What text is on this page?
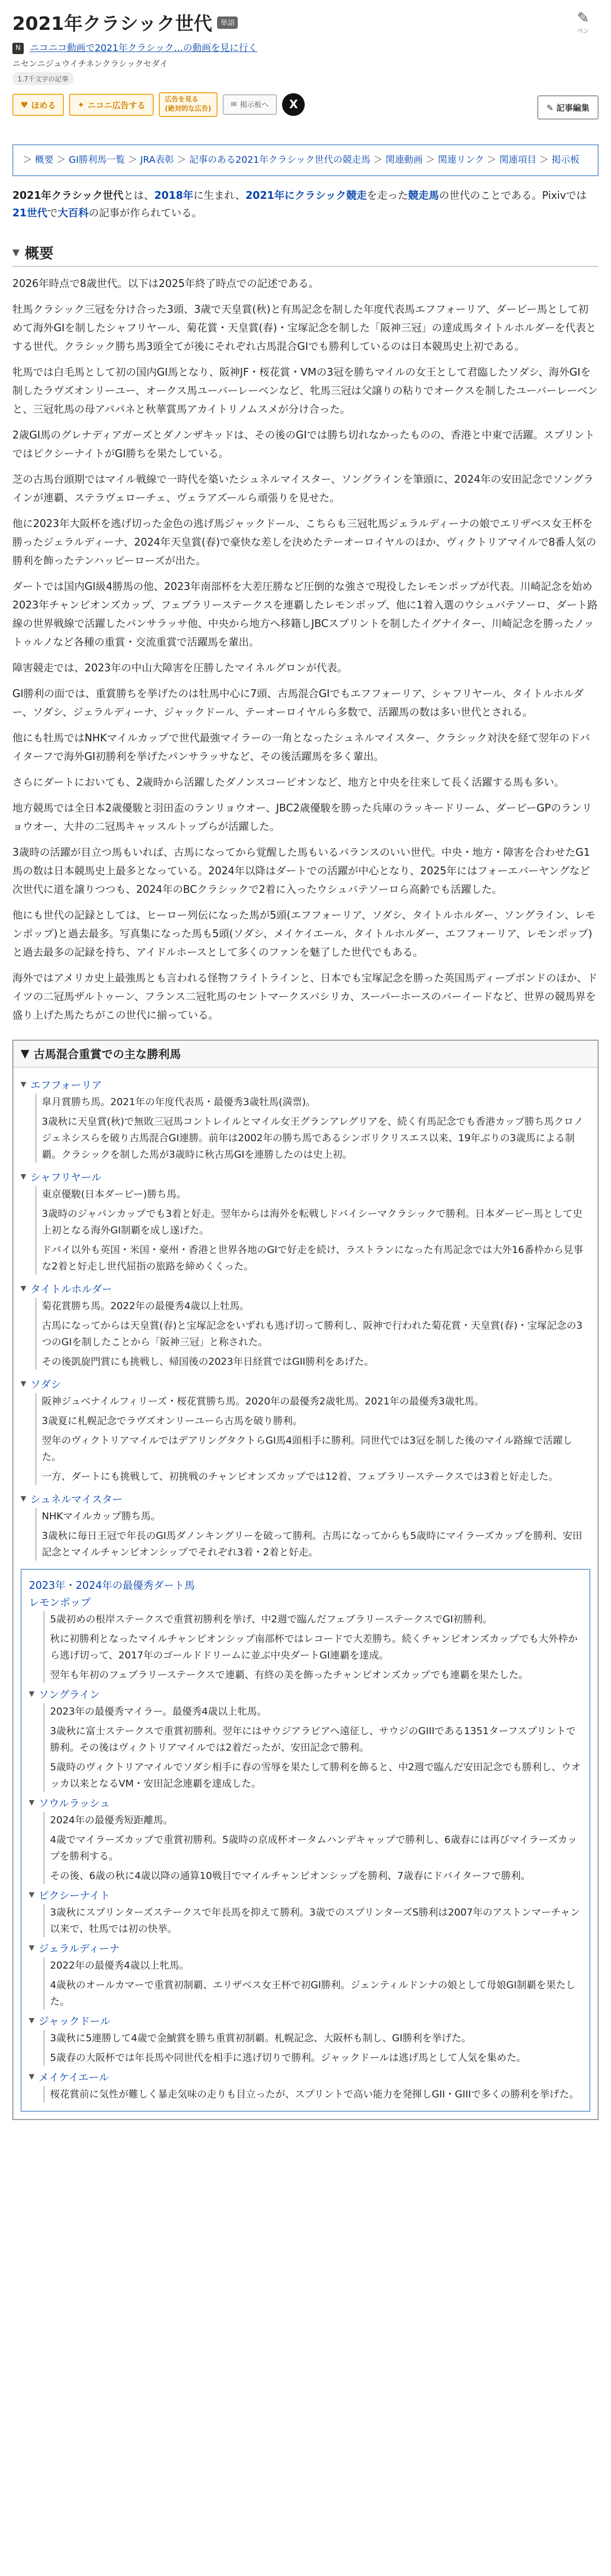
2021年クラシック世代	単語
N ニコニコ動画で2021年クラシック…の動画を見に行く
ニセンニジュウイチネンクラシックセダイ
1.7千文字の記事
✎
ペン
♥ ほめる	✦ ニコニ広告する
広告を見る
(絶対的な広告)
✉ 掲示板へ	X	✎ 記事編集
＞ 概要 ＞ GI勝利馬一覧 ＞ JRA表彰 ＞ 記事のある2021年クラシック世代の競走馬 ＞ 関連動画 ＞ 関連リンク ＞ 関連項目 ＞ 掲示板
2021年クラシック世代とは、2018年に生まれ、2021年にクラシック競走を走った競走馬の世代のことである。Pixivでは21世代で大百科の記事が作られている。
▼ 概要
2026年時点で8歳世代。以下は2025年終了時点での記述である。
牡馬クラシック三冠を分け合った3頭、3歳で天皇賞(秋)と有馬記念を制した年度代表馬エフフォーリア、ダービー馬として初めて海外GIを制したシャフリヤール、菊花賞・天皇賞(春)・宝塚記念を制した「阪神三冠」の達成馬タイトルホルダーを代表とする世代。クラシック勝ち馬3頭全てが後にそれぞれ古馬混合GIでも勝利しているのは日本競馬史上初である。
牝馬では白毛馬として初の国内GI馬となり、阪神JF・桜花賞・VMの3冠を勝ちマイルの女王として君臨したソダシ、海外GIを制したラヴズオンリーユー、オークス馬ユーバーレーベンなど、牝馬三冠は父譲りの粘りでオークスを制したユーバーレーベンと、三冠牝馬の母アパパネと秋華賞馬アカイトリノムスメが分け合った。
2歳GI馬のグレナディアガーズとダノンザキッドは、その後のGIでは勝ち切れなかったものの、香港と中東で活躍。スプリントではピクシーナイトがGI勝ちを果たしている。
芝の古馬台頭期ではマイル戦線で一時代を築いたシュネルマイスター、ソングラインを筆頭に、2024年の安田記念でソングラインが連覇、ステラヴェローチェ、ヴェラアズールら頑張りを見せた。
他に2023年大阪杯を逃げ切った金色の逃げ馬ジャックドール、こちらも三冠牝馬ジェラルディーナの娘でエリザベス女王杯を勝ったジェラルディーナ、2024年天皇賞(春)で豪快な差しを決めたテーオーロイヤルのほか、ヴィクトリアマイルで8番人気の勝利を飾ったテンハッピーローズが出た。
ダートでは国内GI級4勝馬の他、2023年南部杯を大差圧勝など圧倒的な強さで現役したレモンポップが代表。川崎記念を始め2023年チャンピオンズカップ、フェブラリーステークスを連覇したレモンポップ、他に1着入選のウシュバテソーロ、ダート路線の世界戦線で活躍したパンサラッサ他、中央から地方へ移籍しJBCスプリントを制したイグナイター、川崎記念を勝ったノットゥルノなど各種の重賞・交流重賞で活躍馬を輩出。
障害競走では、2023年の中山大障害を圧勝したマイネルグロンが代表。
GI勝利の面では、重賞勝ちを挙げたのは牡馬中心に7頭、古馬混合GIでもエフフォーリア、シャフリヤール、タイトルホルダー、ソダシ、ジェラルディーナ、ジャックドール、テーオーロイヤルら多数で、活躍馬の数は多い世代とされる。
他にも牡馬ではNHKマイルカップで世代最強マイラーの一角となったシュネルマイスター、クラシック対決を経て翌年のドバイターフで海外GI初勝利を挙げたパンサラッサなど、その後活躍馬を多く輩出。
さらにダートにおいても、2歳時から活躍したダノンスコーピオンなど、地方と中央を往来して長く活躍する馬も多い。
地方競馬では全日本2歳優駿と羽田盃のランリョウオー、JBC2歳優駿を勝った兵庫のラッキードリーム、ダービーGPのランリョウオー、大井の二冠馬キャッスルトップらが活躍した。
3歳時の活躍が目立つ馬もいれば、古馬になってから覚醒した馬もいるバランスのいい世代。中央・地方・障害を合わせたG1馬の数は日本競馬史上最多となっている。2024年以降はダートでの活躍が中心となり、2025年にはフォーエバーヤングなど次世代に道を譲りつつも、2024年のBCクラシックで2着に入ったウシュバテソーロら高齢でも活躍した。
他にも世代の記録としては、ヒーロー列伝になった馬が5頭(エフフォーリア、ソダシ、タイトルホルダー、ソングライン、レモンポップ)と過去最多。写真集になった馬も5頭(ソダシ、メイケイエール、タイトルホルダー、エフフォーリア、レモンポップ)と過去最多の記録を持ち、アイドルホースとして多くのファンを魅了した世代でもある。
海外ではアメリカ史上最強馬とも言われる怪物フライトラインと、日本でも宝塚記念を勝った英国馬ディープボンドのほか、ドイツの二冠馬ザルトゥーン、フランス二冠牝馬のセントマークスバシリカ、スーパーホースのバーイードなど、世界の競馬界を盛り上げた馬たちがこの世代に揃っている。
▼ 古馬混合重賞での主な勝利馬
▼ エフフォーリア

皐月賞勝ち馬。2021年の年度代表馬・最優秀3歳牡馬(満票)。

3歳秋に天皇賞(秋)で無敗三冠馬コントレイルとマイル女王グランアレグリアを、続く有馬記念でも香港カップ勝ち馬クロノジェネシスらを破り古馬混合GI連勝。前年は2002年の勝ち馬であるシンボリクリスエス以来、19年ぶりの3歳馬による制覇。クラシックを制した馬が3歳時に秋古馬GIを連勝したのは史上初。

▼ シャフリヤール

東京優駿(日本ダービー)勝ち馬。

3歳時のジャパンカップでも3着と好走。翌年からは海外を転戦しドバイシーマクラシックで勝利。日本ダービー馬として史上初となる海外GI制覇を成し遂げた。

ドバイ以外も英国・米国・豪州・香港と世界各地のGIで好走を続け、ラストランになった有馬記念では大外16番枠から見事な2着と好走し世代屈指の旅路を締めくくった。

▼ タイトルホルダー

菊花賞勝ち馬。2022年の最優秀4歳以上牡馬。

古馬になってからは天皇賞(春)と宝塚記念をいずれも逃げ切って勝利し、阪神で行われた菊花賞・天皇賞(春)・宝塚記念の3つのGIを制したことから「阪神三冠」と称された。

その後凱旋門賞にも挑戦し、帰国後の2023年日経賞ではGII勝利をあげた。

▼ ソダシ

阪神ジュベナイルフィリーズ・桜花賞勝ち馬。2020年の最優秀2歳牝馬。2021年の最優秀3歳牝馬。

3歳夏に札幌記念でラヴズオンリーユーら古馬を破り勝利。

翌年のヴィクトリアマイルではデアリングタクトらGI馬4頭相手に勝利。同世代では3冠を制した後のマイル路線で活躍した。

一方、ダートにも挑戦して、初挑戦のチャンピオンズカップでは12着、フェブラリーステークスでは3着と好走した。

▼ シュネルマイスター

NHKマイルカップ勝ち馬。

3歳秋に毎日王冠で年長のGI馬ダノンキングリーを破って勝利。古馬になってからも5歳時にマイラーズカップを勝利、安田記念とマイルチャンピオンシップでそれぞれ3着・2着と好走。

2023年・2024年の最優秀ダート馬
レモンポップ

5歳初めの根岸ステークスで重賞初勝利を挙げ、中2週で臨んだフェブラリーステークスでGI初勝利。

秋に初勝利となったマイルチャンピオンシップ南部杯ではレコードで大差勝ち。続くチャンピオンズカップでも大外枠から逃げ切って、2017年のゴールドドリームに並ぶ中央ダートGI連覇を達成。

翌年も年初のフェブラリーステークスで連覇、有終の美を飾ったチャンピオンズカップでも連覇を果たした。

▼ ソングライン

2023年の最優秀マイラー。最優秀4歳以上牝馬。

3歳秋に富士ステークスで重賞初勝利。翌年にはサウジアラビアへ遠征し、サウジのGIIIである1351ターフスプリントで勝利。その後はヴィクトリアマイルでは2着だったが、安田記念で勝利。

5歳時のヴィクトリアマイルでソダシ相手に春の雪辱を果たして勝利を飾ると、中2週で臨んだ安田記念でも勝利し、ウオッカ以来となるVM・安田記念連覇を達成した。

▼ ソウルラッシュ

2024年の最優秀短距離馬。

4歳でマイラーズカップで重賞初勝利。5歳時の京成杯オータムハンデキャップで勝利し、6歳春には再びマイラーズカップを勝利する。

その後、6歳の秋に4歳以降の通算10戦目でマイルチャンピオンシップを勝利、7歳春にドバイターフで勝利。

▼ ピクシーナイト

3歳秋にスプリンターズステークスで年長馬を抑えて勝利。3歳でのスプリンターズS勝利は2007年のアストンマーチャン以来で、牡馬では初の快挙。

▼ ジェラルディーナ

2022年の最優秀4歳以上牝馬。

4歳秋のオールカマーで重賞初制覇、エリザベス女王杯で初GI勝利。ジェンティルドンナの娘として母娘GI制覇を果たした。

▼ ジャックドール

3歳秋に5連勝して4歳で金鯱賞を勝ち重賞初制覇。札幌記念、大阪杯も制し、GI勝利を挙げた。

5歳春の大阪杯では年長馬や同世代を相手に逃げ切りで勝利。ジャックドールは逃げ馬として人気を集めた。

▼ メイケイエール

桜花賞前に気性が難しく暴走気味の走りも目立ったが、スプリントで高い能力を発揮しGII・GIIIで多くの勝利を挙げた。
